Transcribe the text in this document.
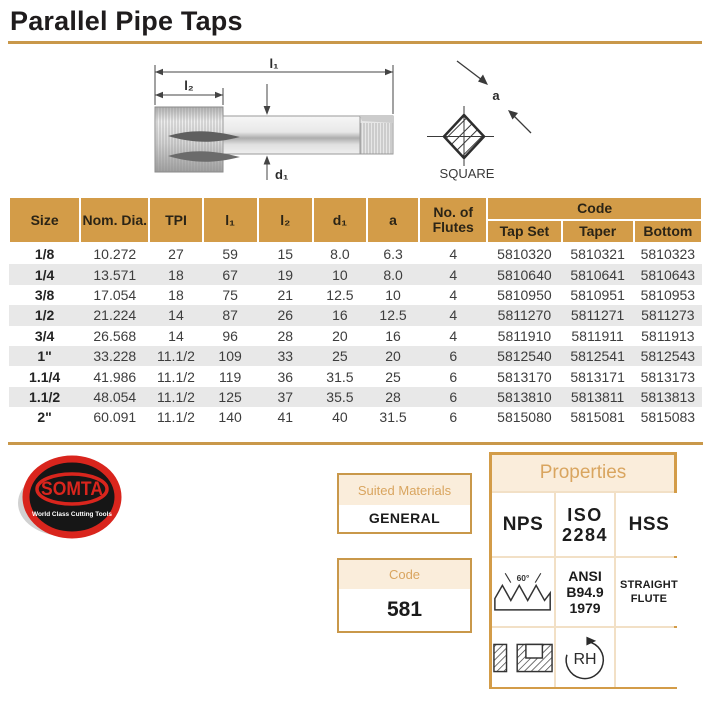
Parallel Pipe Taps
l₁
l₂
d₁
a
SQUARE
Size	Nom. Dia.	TPI	l₁	l₂	d₁	a	No. of Flutes	Code		
								Tap Set	Taper	Bottom
1/8	10.272	27	59	15	8.0	6.3	4	5810320	5810321	5810323
1/4	13.571	18	67	19	10	8.0	4	5810640	5810641	5810643
3/8	17.054	18	75	21	12.5	10	4	5810950	5810951	5810953
1/2	21.224	14	87	26	16	12.5	4	5811270	5811271	5811273
3/4	26.568	14	96	28	20	16	4	5811910	5811911	5811913
1"	33.228	11.1/2	109	33	25	20	6	5812540	5812541	5812543
1.1/4	41.986	11.1/2	119	36	31.5	25	6	5813170	5813171	5813173
1.1/2	48.054	11.1/2	125	37	35.5	28	6	5813810	5813811	5813813
2"	60.091	11.1/2	140	41	40	31.5	6	5815080	5815081	5815083
SOMTA
World Class Cutting Tools
Suited Materials
GENERAL
Code
581
Properties
NPS	ISO 2284	HSS
60°	ANSI B94.9 1979
STRAIGHT FLUTE
RH
